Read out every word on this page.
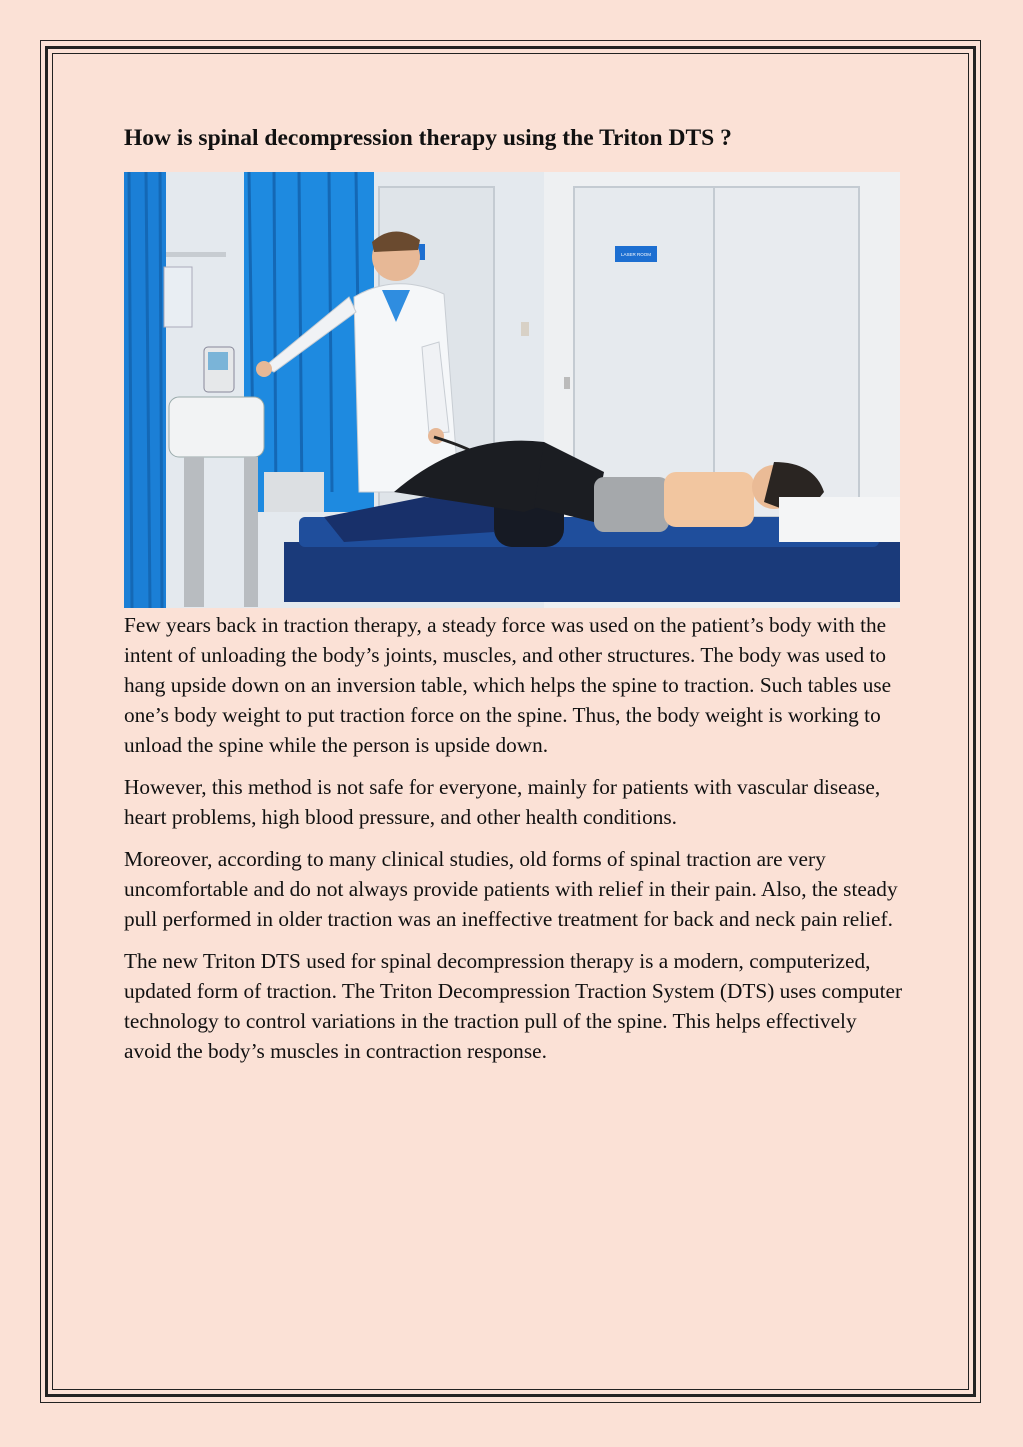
How is spinal decompression therapy using the Triton DTS ?
LASER ROOM

Few years back in traction therapy, a steady force was used on the patient’s body with the intent of unloading the body’s joints, muscles, and other structures. The body was used to hang upside down on an inversion table, which helps the spine to traction. Such tables use one’s body weight to put traction force on the spine. Thus, the body weight is working to unload the spine while the person is upside down.

However, this method is not safe for everyone, mainly for patients with vascular disease, heart problems, high blood pressure, and other health conditions.

Moreover, according to many clinical studies, old forms of spinal traction are very uncomfortable and do not always provide patients with relief in their pain. Also, the steady pull performed in older traction was an ineffective treatment for back and neck pain relief.

The new Triton DTS used for spinal decompression therapy is a modern, computerized, updated form of traction. The Triton Decompression Traction System (DTS) uses computer technology to control variations in the traction pull of the spine. This helps effectively avoid the body’s muscles in contraction response.
